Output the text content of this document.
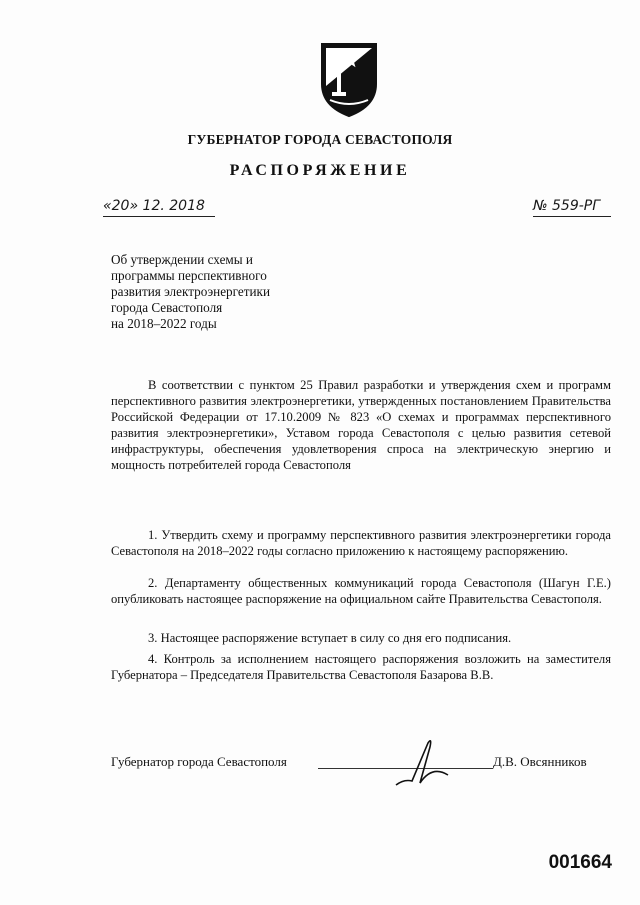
ГУБЕРНАТОР ГОРОДА СЕВАСТОПОЛЯ
РАСПОРЯЖЕНИЕ
«20» 12. 2018	№ 559-РГ
Об утверждении схемы и
программы перспективного
развития электроэнергетики
города Севастополя
на 2018–2022 годы

В соответствии с пунктом 25 Правил разработки и утверждения схем и программ перспективного развития электроэнергетики, утвержденных постановлением Правительства Российской Федерации от 17.10.2009 № 823 «О схемах и программах перспективного развития электроэнергетики», Уставом города Севастополя с целью развития сетевой инфраструктуры, обеспечения удовлетворения спроса на электрическую энергию и мощность потребителей города Севастополя

1. Утвердить схему и программу перспективного развития электроэнергетики города Севастополя на 2018–2022 годы согласно приложению к настоящему распоряжению.

2. Департаменту общественных коммуникаций города Севастополя (Шагун Г.Е.) опубликовать настоящее распоряжение на официальном сайте Правительства Севастополя.

3. Настоящее распоряжение вступает в силу со дня его подписания.

4. Контроль за исполнением настоящего распоряжения возложить на заместителя Губернатора – Председателя Правительства Севастополя Базарова В.В.

Губернатор города Севастополя	Д.В. Овсянников
001664
